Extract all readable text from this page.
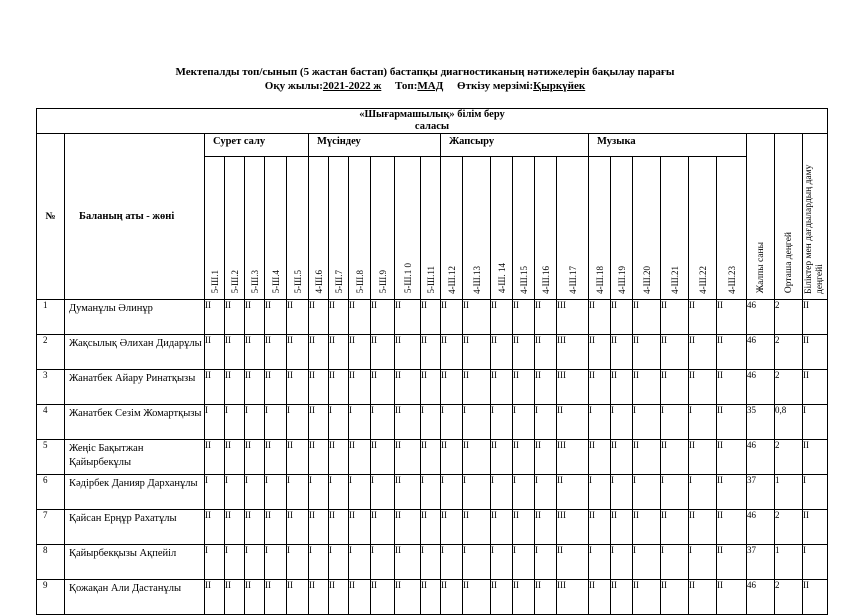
Мектепалды топ/сынып (5 жастан бастап) бастапқы диагностиканың нәтижелерін бақылау парағы
Оқу жылы:2021-2022 ж Топ:МАД Өткізу мерзімі:Қыркүйек
«Шығармашылық» білім беру
саласы																											

№	Баланың аты - жөні	Сурет салу					Мүсіндеу						Жапсыру						Музыка								
		5-Ш.1	5-Ш.2	5-Ш.3	5-Ш.4	5-Ш.5	4-Ш.6	5-Ш.7	5-Ш.8	5-Ш.9	5-Ш.1 0	5-Ш.11	4-Ш.12	4-Ш.13	4-Ш. 14	4-Ш.15	4-Ш.16	4-Ш.17	4-Ш.18	4-Ш.19	4-Ш.20	4-Ш.21	4-Ш.22	4-Ш.23	Жалпы саны	Орташа деңгей	Біліктер мен дағдылардың даму деңгейі
1	Думанұлы Әлинұр	II	II	II	II	II	II	II	II	II	II	II	II	II	II	II	II	III	II	II	II	II	II	II	46	2	II
2	Жақсылық Әлихан Дидарұлы	II	II	II	II	II	II	II	II	II	II	II	II	II	II	II	II	III	II	II	II	II	II	II	46	2	II
3	Жанатбек Айару Ринатқызы	II	II	II	II	II	II	II	II	II	II	II	II	II	II	II	II	III	II	II	II	II	II	II	46	2	II
4	Жанатбек Сезім Жомартқызы	I	I	I	I	I	II	I	I	I	II	I	I	I	I	I	I	II	I	I	I	I	I	II	35	0,8	I
5	Жеңіс Бақытжан Қайырбекұлы	II	II	II	II	II	II	II	II	II	II	II	II	II	II	II	II	III	II	II	II	II	II	II	46	2	II
6	Кәдірбек Данияр Дарханұлы	I	I	I	I	I	I	I	I	I	II	I	I	I	I	I	I	II	I	I	I	I	I	II	37	1	I
7	Қайсан Ерңұр Рахатұлы	II	II	II	II	II	II	II	II	II	II	II	II	II	II	II	II	III	II	II	II	II	II	II	46	2	II
8	Қайырбекқызы Ақпейіл	I	I	I	I	I	I	I	I	I	II	I	I	I	I	I	I	II	I	I	I	I	I	II	37	1	I
9	Қожақан Али Дастанұлы	II	II	II	II	II	II	II	II	II	II	II	II	II	II	II	II	III	II	II	II	II	II	II	46	2	II
